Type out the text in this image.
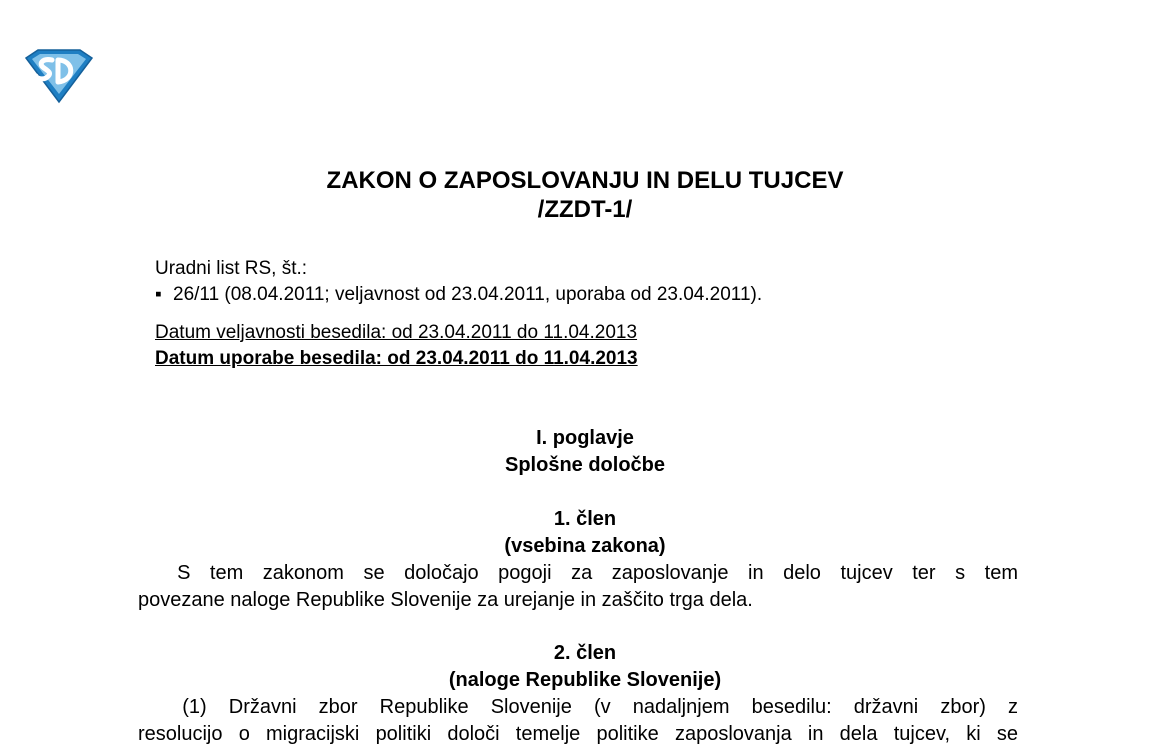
ZAKON O ZAPOSLOVANJU IN DELU TUJCEV
/ZZDT-1/
Uradni list RS, št.:
▪ 26/11 (08.04.2011; veljavnost od 23.04.2011, uporaba od 23.04.2011).
Datum veljavnosti besedila: od 23.04.2011 do 11.04.2013
Datum uporabe besedila: od 23.04.2011 do 11.04.2013
I. poglavje
Splošne določbe
1. člen
(vsebina zakona)
S tem zakonom se določajo pogoji za zaposlovanje in delo tujcev ter s tem
povezane naloge Republike Slovenije za urejanje in zaščito trga dela.
2. člen
(naloge Republike Slovenije)
(1) Državni zbor Republike Slovenije (v nadaljnjem besedilu: državni zbor) z
resolucijo o migracijski politiki določi temelje politike zaposlovanja in dela tujcev, ki se
